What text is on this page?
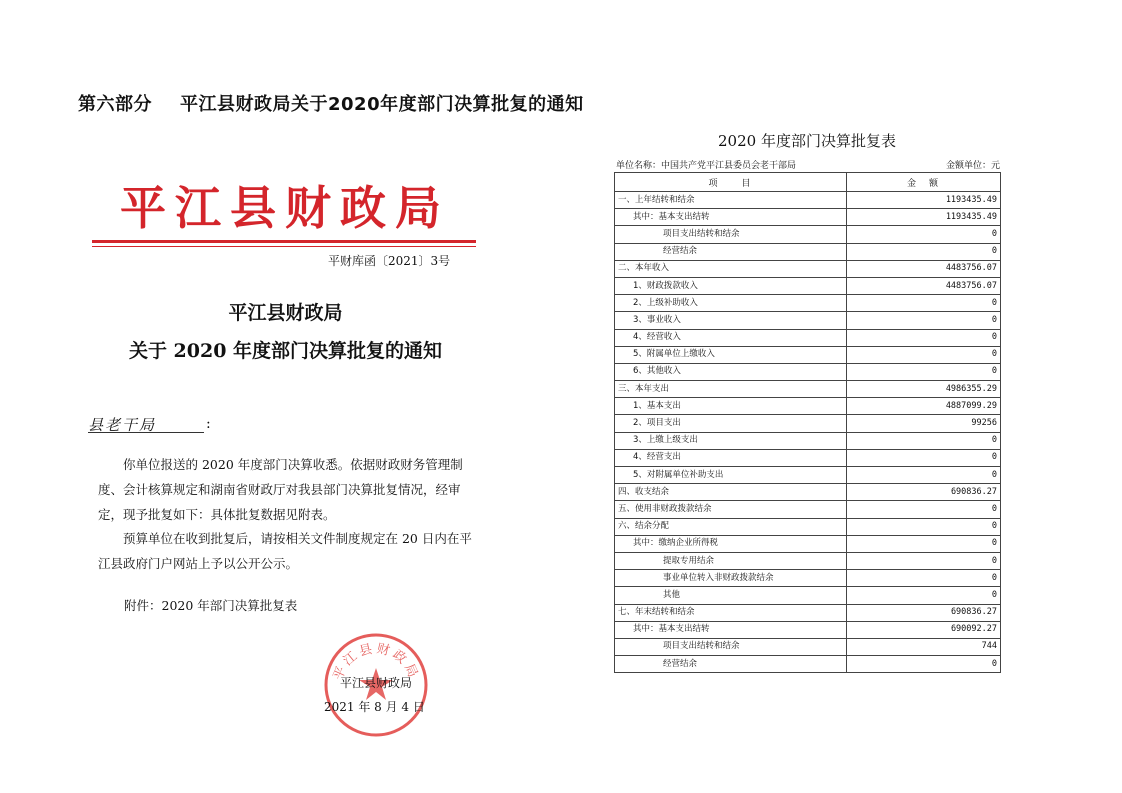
第六部分 平江县财政局关于2020年度部门决算批复的通知
平江县财政局
平财库函〔2021〕3号
平江县财政局
关于 2020 年度部门决算批复的通知
县老干局	:
你单位报送的 2020 年度部门决算收悉。依据财政财务管理制度、会计核算规定和湖南省财政厅对我县部门决算批复情况，经审定，现予批复如下：具体批复数据见附表。
预算单位在收到批复后，请按相关文件制度规定在 20 日内在平江县政府门户网站上予以公开公示。
附件：2020 年部门决算批复表
平江县财政局
平江县财政局
2021 年 8 月 4 日
2020 年度部门决算批复表
单位名称：中国共产党平江县委员会老干部局	金额单位：元
项　　目	金　额
一、上年结转和结余	1193435.49
其中：基本支出结转	1193435.49
项目支出结转和结余	0
经营结余	0
二、本年收入	4483756.07
1、财政拨款收入	4483756.07
2、上级补助收入	0
3、事业收入	0
4、经营收入	0
5、附属单位上缴收入	0
6、其他收入	0
三、本年支出	4986355.29
1、基本支出	4887099.29
2、项目支出	99256
3、上缴上级支出	0
4、经营支出	0
5、对附属单位补助支出	0
四、收支结余	690836.27
五、使用非财政拨款结余	0
六、结余分配	0
其中：缴纳企业所得税	0
提取专用结余	0
事业单位转入非财政拨款结余	0
其他	0
七、年末结转和结余	690836.27
其中：基本支出结转	690092.27
项目支出结转和结余	744
经营结余	0
